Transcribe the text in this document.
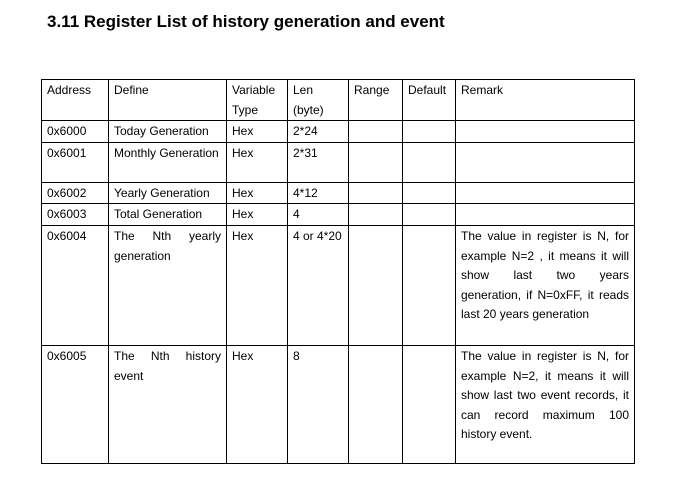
3.11 Register List of history generation and event
Address	Define	Variable Type	Len (byte)	Range	Default	Remark
0x6000	Today Generation	Hex	2*24			
0x6001	Monthly Generation	Hex	2*31			
0x6002	Yearly Generation	Hex	4*12			
0x6003	Total Generation	Hex	4			
0x6004	The Nth yearly generation	Hex	4 or 4*20			The value in register is N, for example N=2 , it means it will show last two years generation, if N=0xFF, it reads last 20 years generation
0x6005	The Nth history event	Hex	8			The value in register is N, for example N=2, it means it will show last two event records, it can record maximum 100 history event.
